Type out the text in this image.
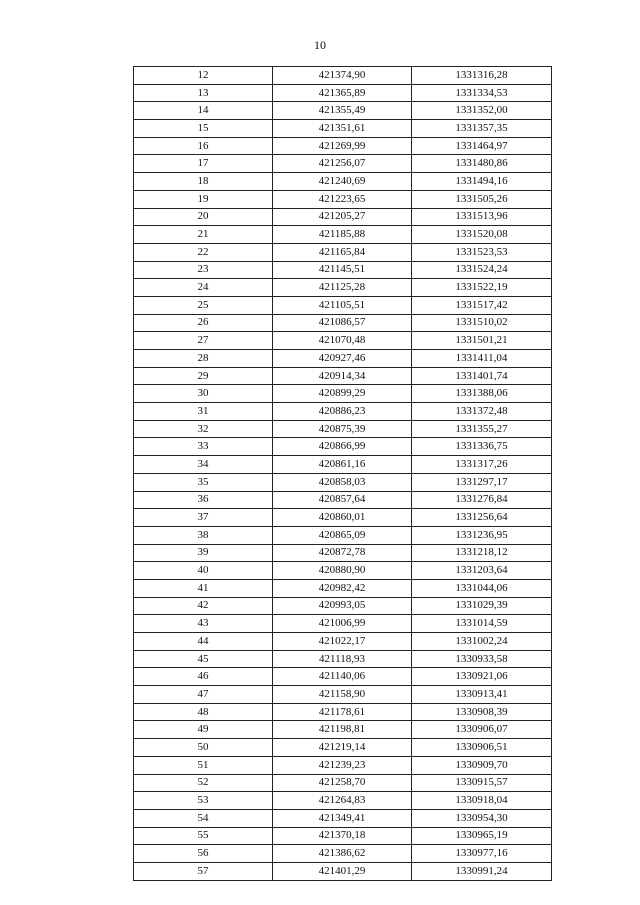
10
12	421374,90	1331316,28
13	421365,89	1331334,53
14	421355,49	1331352,00
15	421351,61	1331357,35
16	421269,99	1331464,97
17	421256,07	1331480,86
18	421240,69	1331494,16
19	421223,65	1331505,26
20	421205,27	1331513,96
21	421185,88	1331520,08
22	421165,84	1331523,53
23	421145,51	1331524,24
24	421125,28	1331522,19
25	421105,51	1331517,42
26	421086,57	1331510,02
27	421070,48	1331501,21
28	420927,46	1331411,04
29	420914,34	1331401,74
30	420899,29	1331388,06
31	420886,23	1331372,48
32	420875,39	1331355,27
33	420866,99	1331336,75
34	420861,16	1331317,26
35	420858,03	1331297,17
36	420857,64	1331276,84
37	420860,01	1331256,64
38	420865,09	1331236,95
39	420872,78	1331218,12
40	420880,90	1331203,64
41	420982,42	1331044,06
42	420993,05	1331029,39
43	421006,99	1331014,59
44	421022,17	1331002,24
45	421118,93	1330933,58
46	421140,06	1330921,06
47	421158,90	1330913,41
48	421178,61	1330908,39
49	421198,81	1330906,07
50	421219,14	1330906,51
51	421239,23	1330909,70
52	421258,70	1330915,57
53	421264,83	1330918,04
54	421349,41	1330954,30
55	421370,18	1330965,19
56	421386,62	1330977,16
57	421401,29	1330991,24
